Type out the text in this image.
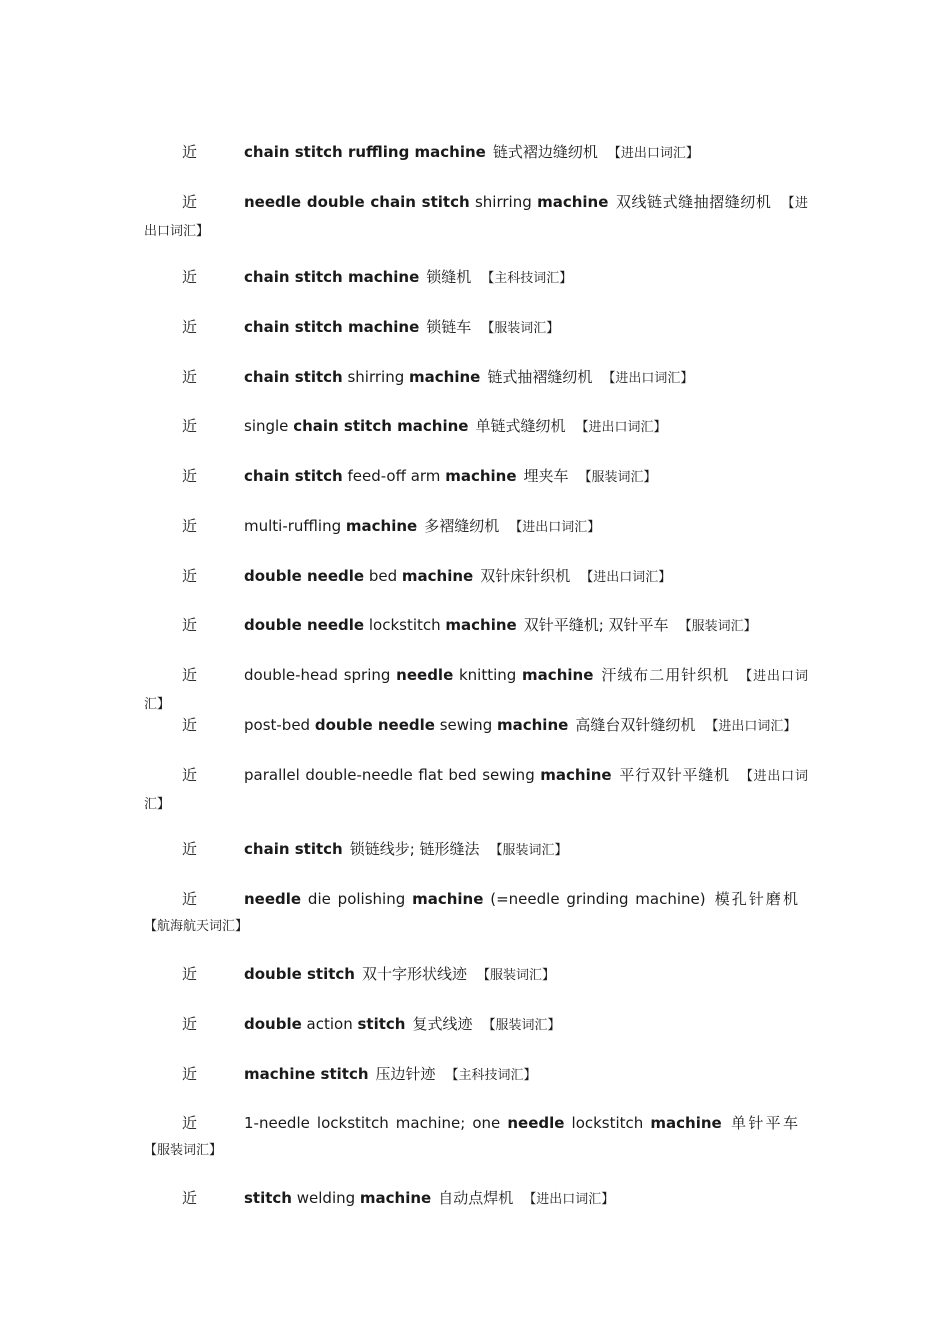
近	chain stitch ruffling machine 链式褶边缝纫机 【进出口词汇】
近	needle double chain stitch shirring machine 双线链式缝抽摺缝纫机 【进出口词汇】
近	chain stitch machine 锁缝机 【主科技词汇】
近	chain stitch machine 锁链车 【服装词汇】
近	chain stitch shirring machine 链式抽褶缝纫机 【进出口词汇】
近	single chain stitch machine 单链式缝纫机 【进出口词汇】
近	chain stitch feed-off arm machine 埋夹车 【服装词汇】
近	multi-ruffling machine 多褶缝纫机 【进出口词汇】
近	double needle bed machine 双针床针织机 【进出口词汇】
近	double needle lockstitch machine 双针平缝机; 双针平车 【服装词汇】
近	double-head spring needle knitting machine 汗绒布二用针织机 【进出口词汇】
近	post-bed double needle sewing machine 高缝台双针缝纫机 【进出口词汇】
近	parallel double-needle flat bed sewing machine 平行双针平缝机 【进出口词汇】
近	chain stitch 锁链线步; 链形缝法 【服装词汇】
近	needle die polishing machine (=needle grinding machine) 模孔针磨机【航海航天词汇】
近	double stitch 双十字形状线迹 【服装词汇】
近	double action stitch 复式线迹 【服装词汇】
近	machine stitch 压边针迹 【主科技词汇】
近	1-needle lockstitch machine; one needle lockstitch machine 单针平车【服装词汇】
近	stitch welding machine 自动点焊机 【进出口词汇】
